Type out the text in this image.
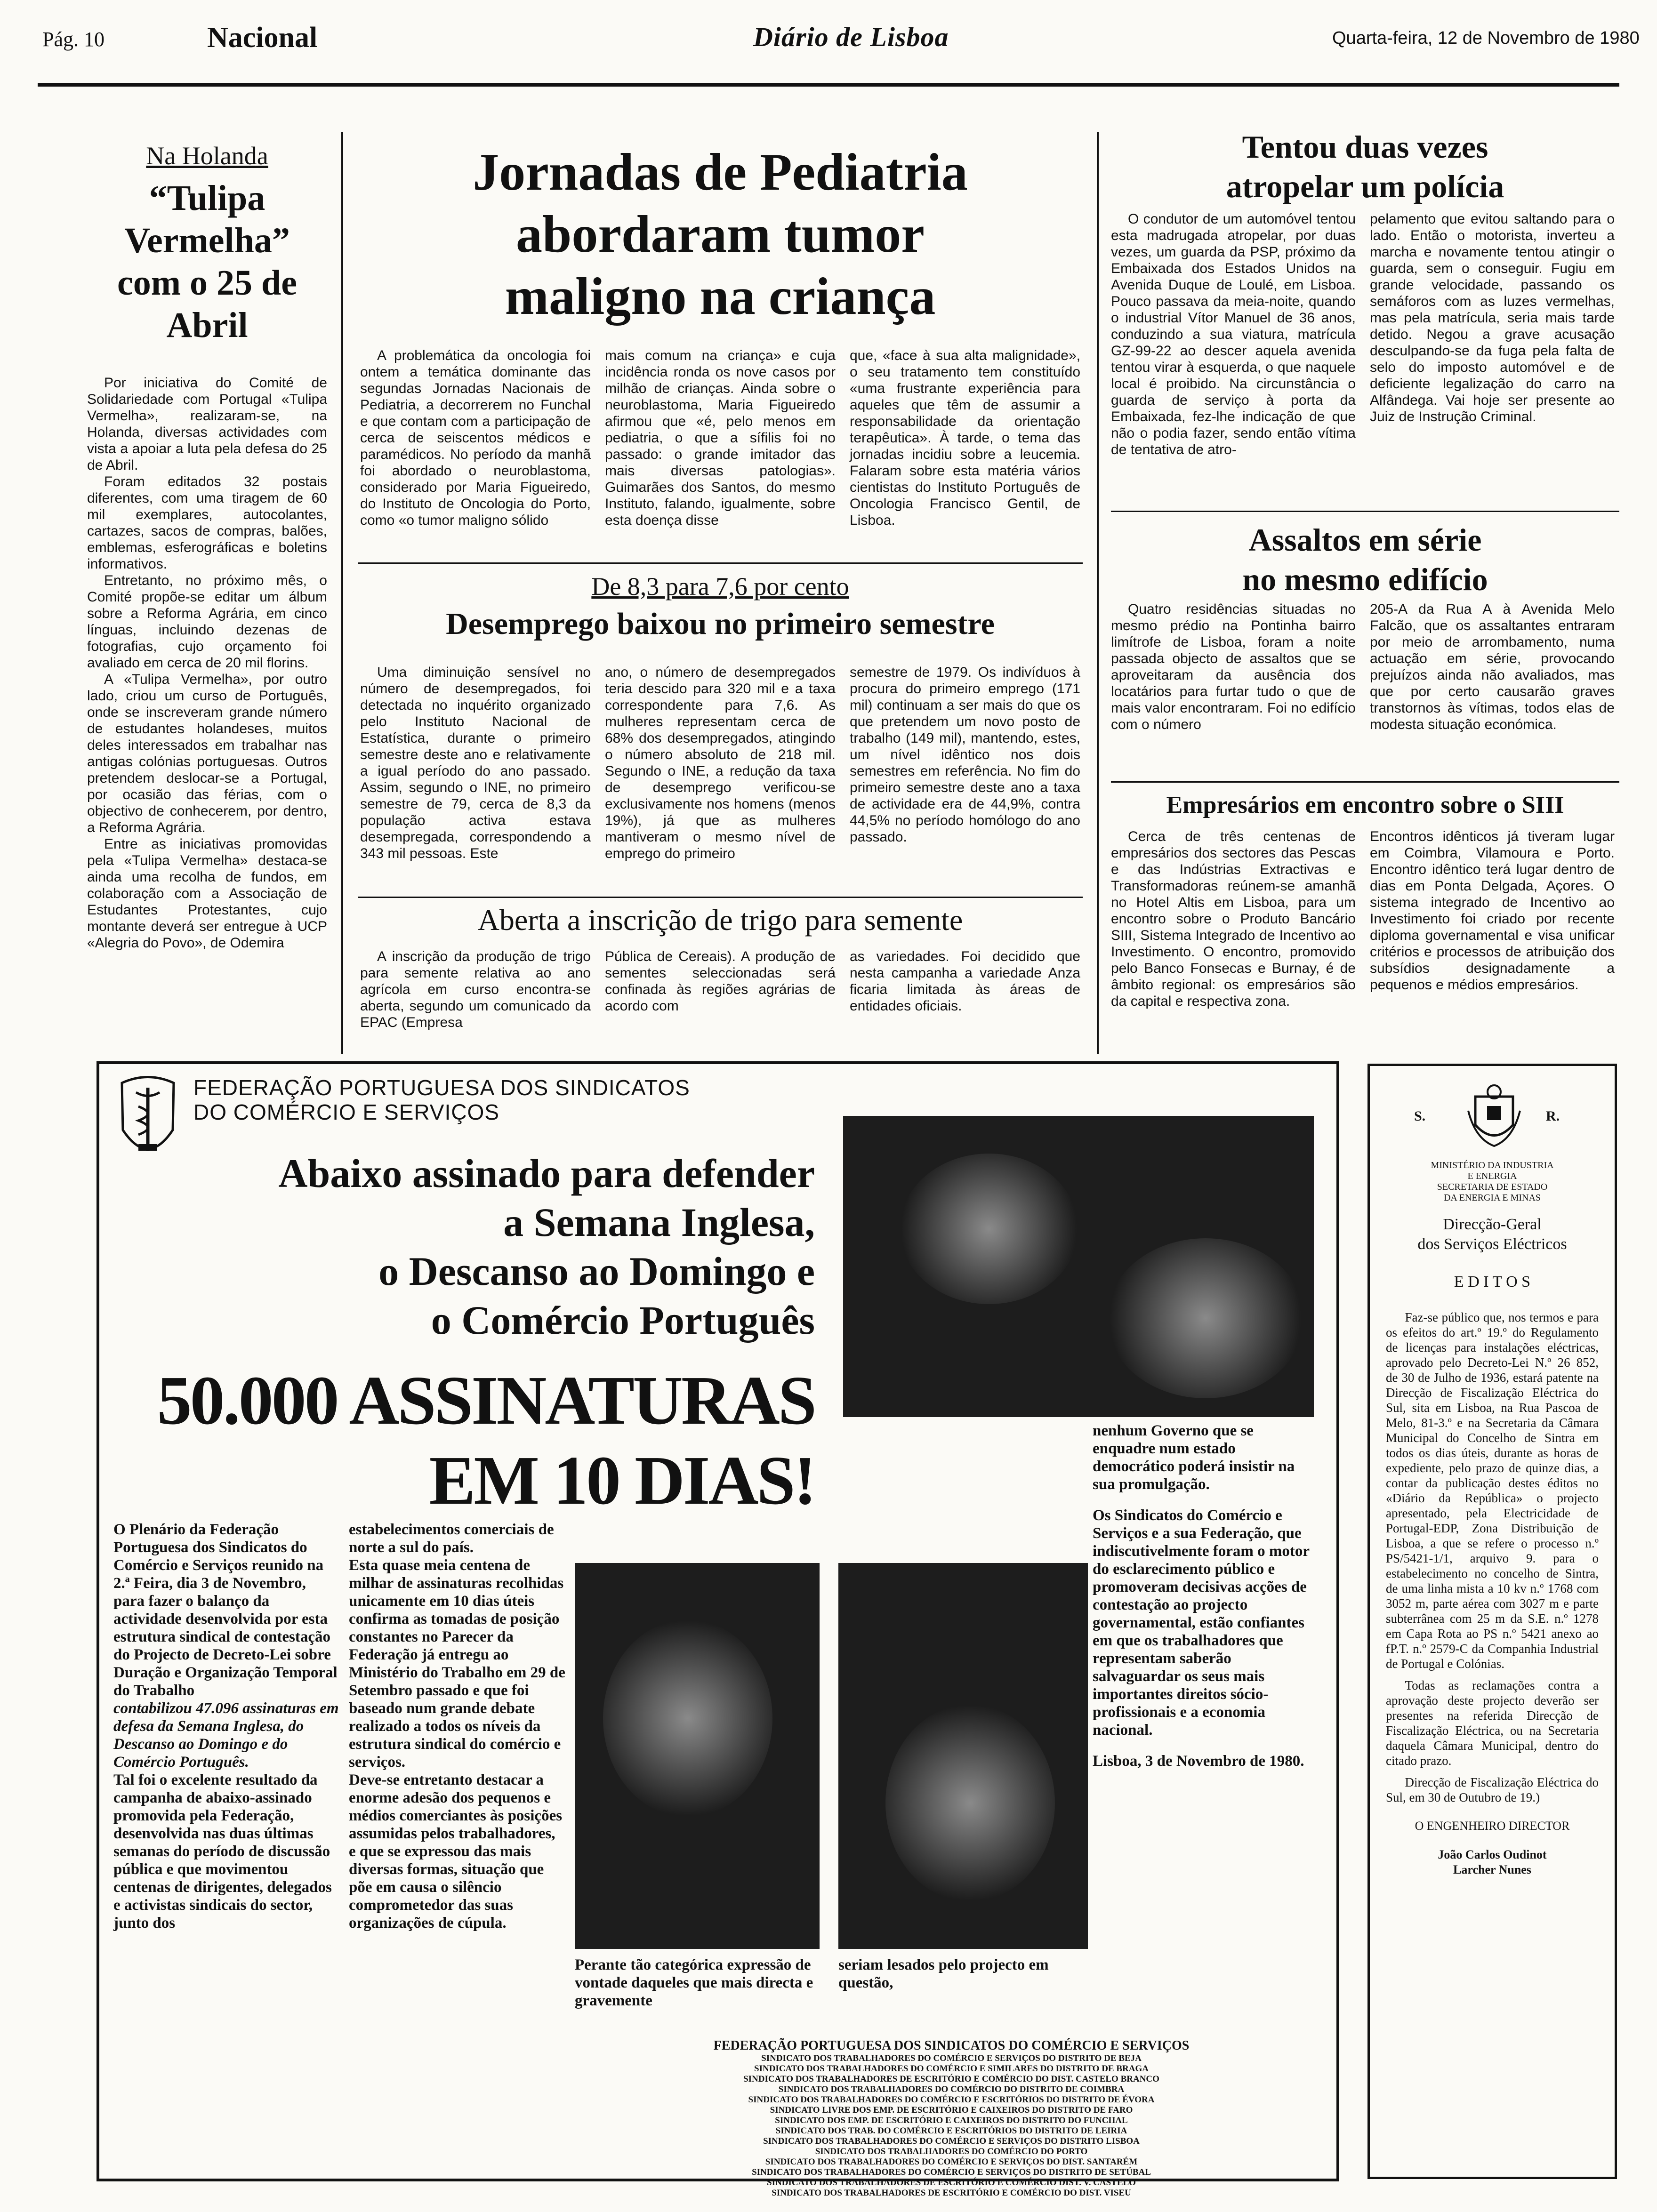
Pág. 10	Nacional	Diário de Lisboa	Quarta-feira, 12 de Novembro de 1980
Na Holanda
“Tulipa Vermelha” com o 25 de Abril

Por iniciativa do Comité de Solidariedade com Portugal «Tulipa Vermelha», realizaram-se, na Holanda, diversas actividades com vista a apoiar a luta pela defesa do 25 de Abril.

Foram editados 32 postais diferentes, com uma tiragem de 60 mil exemplares, autocolantes, cartazes, sacos de compras, balões, emblemas, esferográficas e boletins informativos.

Entretanto, no próximo mês, o Comité propõe-se editar um álbum sobre a Reforma Agrária, em cinco línguas, incluindo dezenas de fotografias, cujo orçamento foi avaliado em cerca de 20 mil florins.

A «Tulipa Vermelha», por outro lado, criou um curso de Português, onde se inscreveram grande número de estudantes holandeses, muitos deles interessados em trabalhar nas antigas colónias portuguesas. Outros pretendem deslocar-se a Portugal, por ocasião das férias, com o objectivo de conhecerem, por dentro, a Reforma Agrária.

Entre as iniciativas promovidas pela «Tulipa Vermelha» destaca-se ainda uma recolha de fundos, em colaboração com a Associação de Estudantes Protestantes, cujo montante deverá ser entregue à UCP «Alegria do Povo», de Odemira

Jornadas de Pediatria
abordaram tumor
maligno na criança
A problemática da oncologia foi ontem a temática dominante das segundas Jornadas Nacionais de Pediatria, a decorrerem no Funchal e que contam com a participação de cerca de seiscentos médicos e paramédicos. No período da manhã foi abordado o neuroblastoma, considerado por Maria Figueiredo, do Instituto de Oncologia do Porto, como «o tumor maligno sólido
mais comum na criança» e cuja incidência ronda os nove casos por milhão de crianças. Ainda sobre o neuroblastoma, Maria Figueiredo afirmou que «é, pelo menos em pediatria, o que a sífilis foi no passado: o grande imitador das mais diversas patologias». Guimarães dos Santos, do mesmo Instituto, falando, igualmente, sobre esta doença disse
que, «face à sua alta malignidade», o seu tratamento tem constituído «uma frustrante experiência para aqueles que têm de assumir a responsabilidade da orientação terapêutica». À tarde, o tema das jornadas incidiu sobre a leucemia. Falaram sobre esta matéria vários cientistas do Instituto Português de Oncologia Francisco Gentil, de Lisboa.
Tentou duas vezes
atropelar um polícia
O condutor de um automóvel tentou esta madrugada atropelar, por duas vezes, um guarda da PSP, próximo da Embaixada dos Estados Unidos na Avenida Duque de Loulé, em Lisboa. Pouco passava da meia-noite, quando o industrial Vítor Manuel de 36 anos, conduzindo a sua viatura, matrícula GZ-99-22 ao descer aquela avenida tentou virar à esquerda, o que naquele local é proibido. Na circunstância o guarda de serviço à porta da Embaixada, fez-lhe indicação de que não o podia fazer, sendo então vítima de tentativa de atro-
pelamento que evitou saltando para o lado. Então o motorista, inverteu a marcha e novamente tentou atingir o guarda, sem o conseguir. Fugiu em grande velocidade, passando os semáforos com as luzes vermelhas, mas pela matrícula, seria mais tarde detido. Negou a grave acusação desculpando-se da fuga pela falta de selo do imposto automóvel e de deficiente legalização do carro na Alfândega. Vai hoje ser presente ao Juiz de Instrução Criminal.
Assaltos em série
no mesmo edifício
Quatro residências situadas no mesmo prédio na Pontinha bairro limítrofe de Lisboa, foram a noite passada objecto de assaltos que se aproveitaram da ausência dos locatários para furtar tudo o que de mais valor encontraram. Foi no edifício com o número
205-A da Rua A à Avenida Melo Falcão, que os assaltantes entraram por meio de arrombamento, numa actuação em série, provocando prejuízos ainda não avaliados, mas que por certo causarão graves transtornos às vítimas, todos elas de modesta situação económica.
Empresários em encontro sobre o SIII
Cerca de três centenas de empresários dos sectores das Pescas e das Indústrias Extractivas e Transformadoras reúnem-se amanhã no Hotel Altis em Lisboa, para um encontro sobre o Produto Bancário SIII, Sistema Integrado de Incentivo ao Investimento. O encontro, promovido pelo Banco Fonsecas e Burnay, é de âmbito regional: os empresários são da capital e respectiva zona.
Encontros idênticos já tiveram lugar em Coimbra, Vilamoura e Porto. Encontro idêntico terá lugar dentro de dias em Ponta Delgada, Açores. O sistema integrado de Incentivo ao Investimento foi criado por recente diploma governamental e visa unificar critérios e processos de atribuição dos subsídios designadamente a pequenos e médios empresários.
De 8,3 para 7,6 por cento
Desemprego baixou no primeiro semestre
Uma diminuição sensível no número de desempregados, foi detectada no inquérito organizado pelo Instituto Nacional de Estatística, durante o primeiro semestre deste ano e relativamente a igual período do ano passado. Assim, segundo o INE, no primeiro semestre de 79, cerca de 8,3 da população activa estava desempregada, correspondendo a 343 mil pessoas. Este
ano, o número de desempregados teria descido para 320 mil e a taxa correspondente para 7,6. As mulheres representam cerca de 68% dos desempregados, atingindo o número absoluto de 218 mil. Segundo o INE, a redução da taxa de desemprego verificou-se exclusivamente nos homens (menos 19%), já que as mulheres mantiveram o mesmo nível de emprego do primeiro
semestre de 1979. Os indivíduos à procura do primeiro emprego (171 mil) continuam a ser mais do que os que pretendem um novo posto de trabalho (149 mil), mantendo, estes, um nível idêntico nos dois semestres em referência. No fim do primeiro semestre deste ano a taxa de actividade era de 44,9%, contra 44,5% no período homólogo do ano passado.
Aberta a inscrição de trigo para semente
A inscrição da produção de trigo para semente relativa ao ano agrícola em curso encontra-se aberta, segundo um comunicado da EPAC (Empresa
Pública de Cereais). A produção de sementes seleccionadas será confinada às regiões agrárias de acordo com
as variedades. Foi decidido que nesta campanha a variedade Anza ficaria limitada às áreas de entidades oficiais.
FEDERAÇÃO PORTUGUESA DOS SINDICATOS
DO COMÉRCIO E SERVIÇOS
Abaixo assinado para defender
a Semana Inglesa,
o Descanso ao Domingo e
o Comércio Português
50.000 ASSINATURAS
EM 10 DIAS!

O Plenário da Federação Portuguesa dos Sindicatos do Comércio e Serviços reunido na 2.ª Feira, dia 3 de Novembro, para fazer o balanço da actividade desenvolvida por esta estrutura sindical de contestação do Projecto de Decreto-Lei sobre Duração e Organização Temporal do Trabalho

contabilizou 47.096 assinaturas em defesa da Semana Inglesa, do Descanso ao Domingo e do Comércio Português.

Tal foi o excelente resultado da campanha de abaixo-assinado promovida pela Federação, desenvolvida nas duas últimas semanas do período de discussão pública e que movimentou centenas de dirigentes, delegados e activistas sindicais do sector, junto dos

estabelecimentos comerciais de norte a sul do país.

Esta quase meia centena de milhar de assinaturas recolhidas unicamente em 10 dias úteis confirma as tomadas de posição constantes no Parecer da Federação já entregu ao Ministério do Trabalho em 29 de Setembro passado e que foi baseado num grande debate realizado a todos os níveis da estrutura sindical do comércio e serviços.

Deve-se entretanto destacar a enorme adesão dos pequenos e médios comerciantes às posições assumidas pelos trabalhadores, e que se expressou das mais diversas formas, situação que põe em causa o silêncio comprometedor das suas organizações de cúpula.

Perante tão categórica expressão de vontade daqueles que mais directa e gravemente
seriam lesados pelo projecto em questão,

nenhum Governo que se enquadre num estado democrático poderá insistir na sua promulgação.

Os Sindicatos do Comércio e Serviços e a sua Federação, que indiscutivelmente foram o motor do esclarecimento público e promoveram decisivas acções de contestação ao projecto governamental, estão confiantes em que os trabalhadores que representam saberão salvaguardar os seus mais importantes direitos sócio-profissionais e a economia nacional.

Lisboa, 3 de Novembro de 1980.

FEDERAÇÃO PORTUGUESA DOS SINDICATOS DO COMÉRCIO E SERVIÇOS
SINDICATO DOS TRABALHADORES DO COMÉRCIO E SERVIÇOS DO DISTRITO DE BEJA
SINDICATO DOS TRABALHADORES DO COMÉRCIO E SIMILARES DO DISTRITO DE BRAGA
SINDICATO DOS TRABALHADORES DE ESCRITÓRIO E COMÉRCIO DO DIST. CASTELO BRANCO
SINDICATO DOS TRABALHADORES DO COMÉRCIO DO DISTRITO DE COIMBRA
SINDICATO DOS TRABALHADORES DO COMÉRCIO E ESCRITÓRIOS DO DISTRITO DE ÉVORA
SINDICATO LIVRE DOS EMP. DE ESCRITÓRIO E CAIXEIROS DO DISTRITO DE FARO
SINDICATO DOS EMP. DE ESCRITÓRIO E CAIXEIROS DO DISTRITO DO FUNCHAL
SINDICATO DOS TRAB. DO COMÉRCIO E ESCRITÓRIOS DO DISTRITO DE LEIRIA
SINDICATO DOS TRABALHADORES DO COMÉRCIO E SERVIÇOS DO DISTRITO LISBOA
SINDICATO DOS TRABALHADORES DO COMÉRCIO DO PORTO
SINDICATO DOS TRABALHADORES DO COMÉRCIO E SERVIÇOS DO DIST. SANTARÉM
SINDICATO DOS TRABALHADORES DO COMÉRCIO E SERVIÇOS DO DISTRITO DE SETÚBAL
SINDICATO DOS TRABALHADORES DE ESCRITÓRIO E COMÉRCIO DIST. V. CASTELO
SINDICATO DOS TRABALHADORES DE ESCRITÓRIO E COMÉRCIO DO DIST. VISEU
S.	R.
MINISTÉRIO DA INDUSTRIA
E ENERGIA
SECRETARIA DE ESTADO
DA ENERGIA E MINAS
Direcção-Geral
dos Serviços Eléctricos
E D I T O S

Faz-se público que, nos termos e para os efeitos do art.º 19.º do Regulamento de licenças para instalações eléctricas, aprovado pelo Decreto-Lei N.º 26 852, de 30 de Julho de 1936, estará patente na Direcção de Fiscalização Eléctrica do Sul, sita em Lisboa, na Rua Pascoa de Melo, 81-3.º e na Secretaria da Câmara Municipal do Concelho de Sintra em todos os dias úteis, durante as horas de expediente, pelo prazo de quinze dias, a contar da publicação destes éditos no «Diário da República» o projecto apresentado, pela Electricidade de Portugal-EDP, Zona Distribuição de Lisboa, a que se refere o processo n.º PS/5421-1/1, arquivo 9. para o estabelecimento no concelho de Sintra, de uma linha mista a 10 kv n.º 1768 com 3052 m, parte aérea com 3027 m e parte subterrânea com 25 m da S.E. n.º 1278 em Capa Rota ao PS n.º 5421 anexo ao fP.T. n.º 2579-C da Companhia Industrial de Portugal e Colónias.

Todas as reclamações contra a aprovação deste projecto deverão ser presentes na referida Direcção de Fiscalização Eléctrica, ou na Secretaria daquela Câmara Municipal, dentro do citado prazo.

Direcção de Fiscalização Eléctrica do Sul, em 30 de Outubro de 19.)

O ENGENHEIRO DIRECTOR
João Carlos Oudinot
Larcher Nunes
